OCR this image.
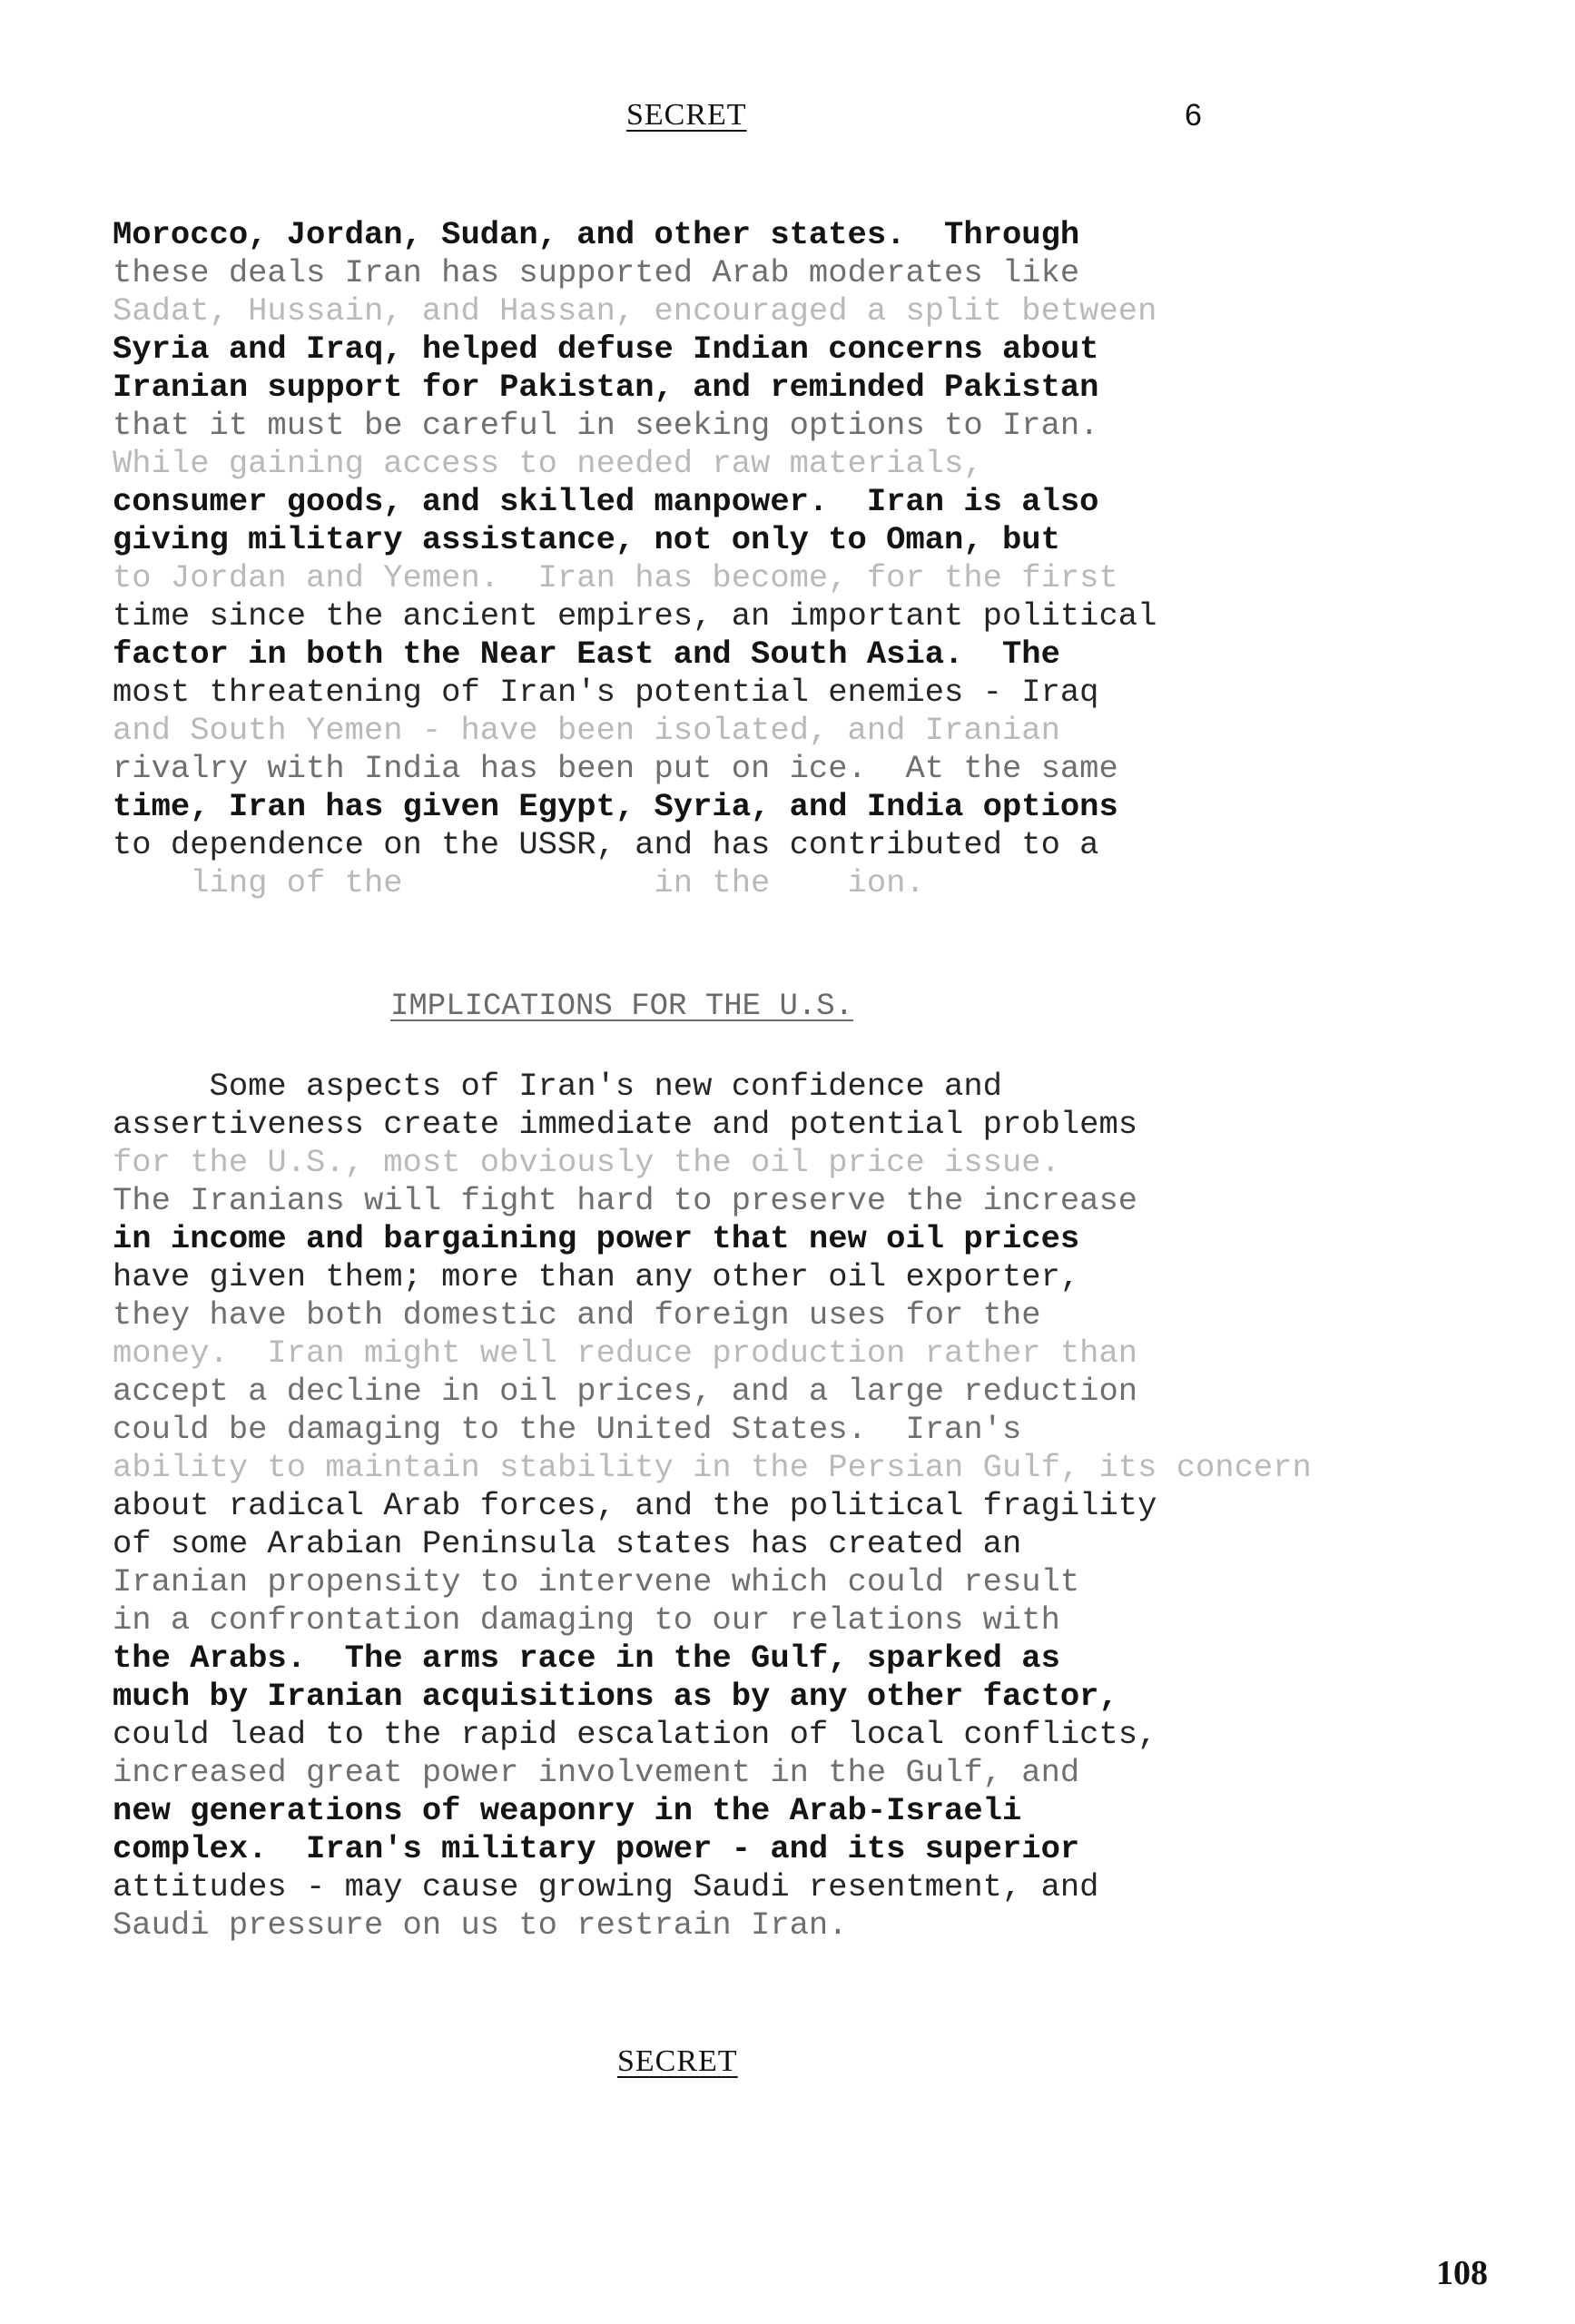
SECRET	6
Morocco, Jordan, Sudan, and other states.  Through
these deals Iran has supported Arab moderates like
Sadat, Hussain, and Hassan, encouraged a split between
Syria and Iraq, helped defuse Indian concerns about
Iranian support for Pakistan, and reminded Pakistan
that it must be careful in seeking options to Iran.
While gaining access to needed raw materials,
consumer goods, and skilled manpower.  Iran is also
giving military assistance, not only to Oman, but
to Jordan and Yemen.  Iran has become, for the first
time since the ancient empires, an important political
factor in both the Near East and South Asia.  The
most threatening of Iran's potential enemies - Iraq
and South Yemen - have been isolated, and Iranian
rivalry with India has been put on ice.  At the same
time, Iran has given Egypt, Syria, and India options
to dependence on the USSR, and has contributed to a
ling of the             in the    ion.
IMPLICATIONS FOR THE U.S.
Some aspects of Iran's new confidence and
assertiveness create immediate and potential problems
for the U.S., most obviously the oil price issue.
The Iranians will fight hard to preserve the increase
in income and bargaining power that new oil prices
have given them; more than any other oil exporter,
they have both domestic and foreign uses for the
money.  Iran might well reduce production rather than
accept a decline in oil prices, and a large reduction
could be damaging to the United States.  Iran's
ability to maintain stability in the Persian Gulf, its concern
about radical Arab forces, and the political fragility
of some Arabian Peninsula states has created an
Iranian propensity to intervene which could result
in a confrontation damaging to our relations with
the Arabs.  The arms race in the Gulf, sparked as
much by Iranian acquisitions as by any other factor,
could lead to the rapid escalation of local conflicts,
increased great power involvement in the Gulf, and
new generations of weaponry in the Arab-Israeli
complex.  Iran's military power - and its superior
attitudes - may cause growing Saudi resentment, and
Saudi pressure on us to restrain Iran.
SECRET
108
